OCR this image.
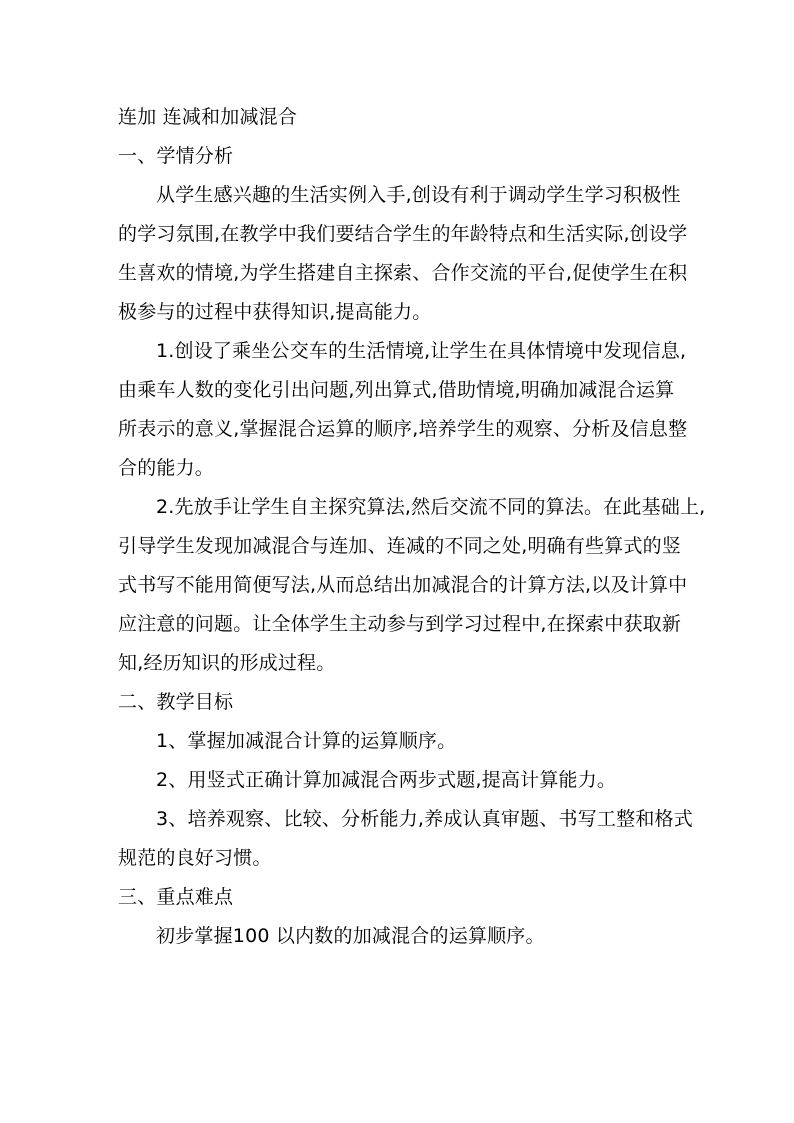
连加 连减和加减混合

一、学情分析

从学生感兴趣的生活实例入手,创设有利于调动学生学习积极性

的学习氛围,在教学中我们要结合学生的年龄特点和生活实际,创设学

生喜欢的情境,为学生搭建自主探索、合作交流的平台,促使学生在积

极参与的过程中获得知识,提高能力。

1.创设了乘坐公交车的生活情境,让学生在具体情境中发现信息,

由乘车人数的变化引出问题,列出算式,借助情境,明确加减混合运算

所表示的意义,掌握混合运算的顺序,培养学生的观察、分析及信息整

合的能力。

2.先放手让学生自主探究算法,然后交流不同的算法。在此基础上,

引导学生发现加减混合与连加、连减的不同之处,明确有些算式的竖

式书写不能用简便写法,从而总结出加减混合的计算方法,以及计算中

应注意的问题。让全体学生主动参与到学习过程中,在探索中获取新

知,经历知识的形成过程。

二、教学目标

1、掌握加减混合计算的运算顺序。

2、用竖式正确计算加减混合两步式题,提高计算能力。

3、培养观察、比较、分析能力,养成认真审题、书写工整和格式

规范的良好习惯。

三、重点难点

初步掌握100 以内数的加减混合的运算顺序。
